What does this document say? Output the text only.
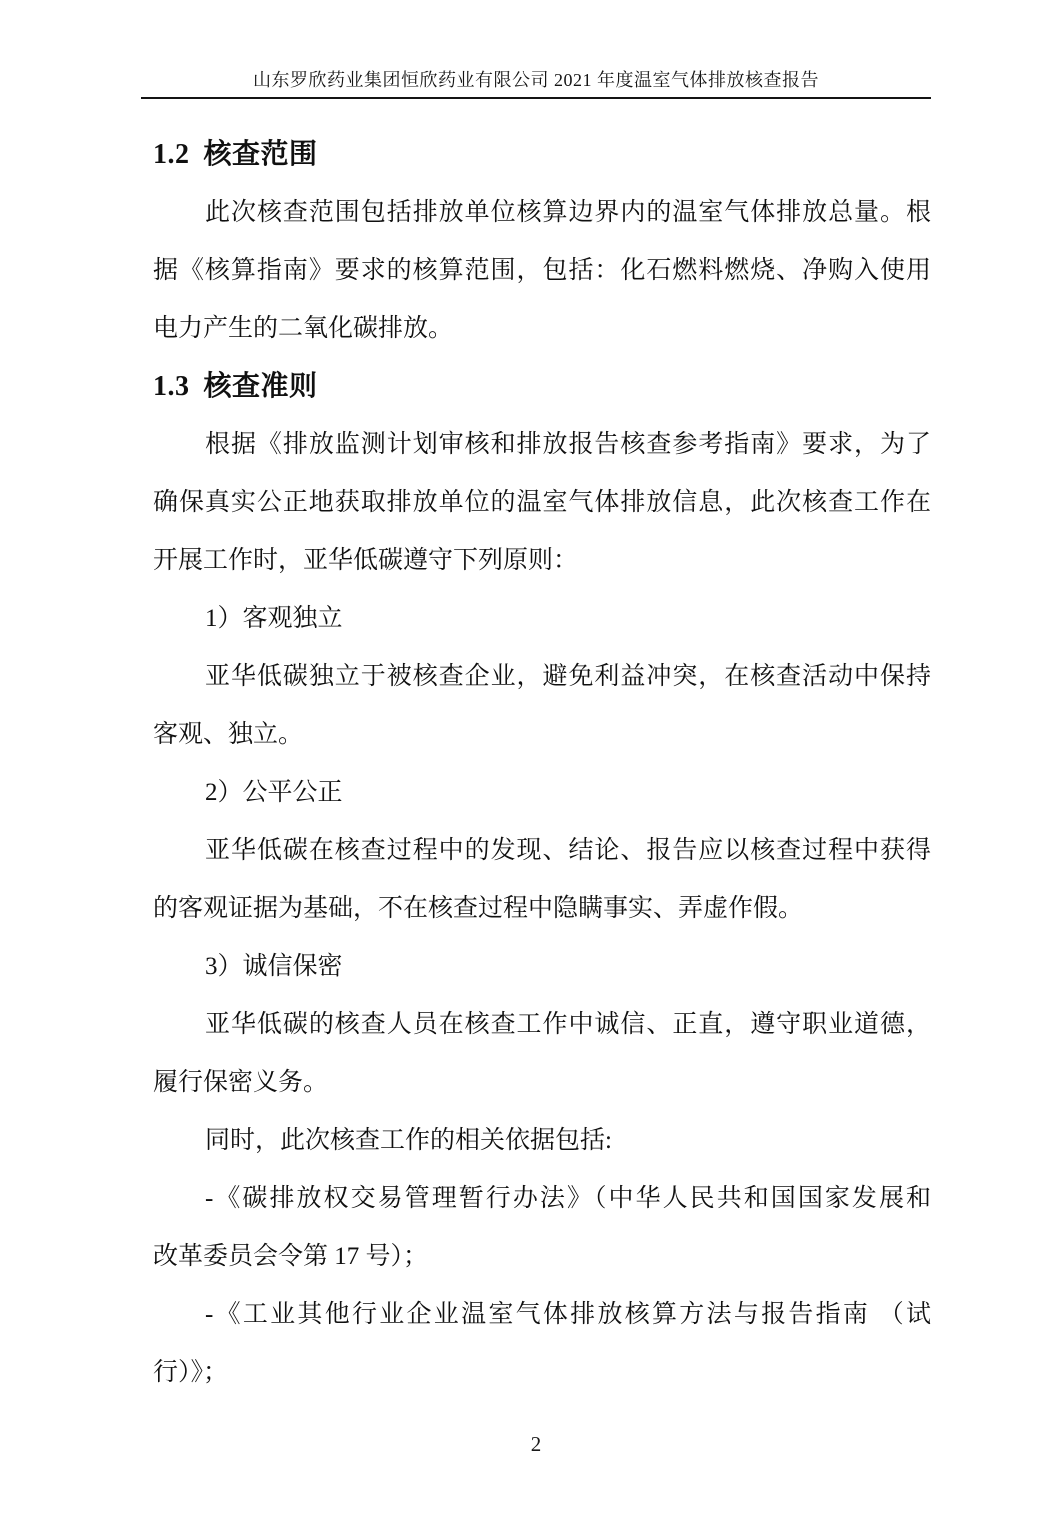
山东罗欣药业集团恒欣药业有限公司 2021 年度温室气体排放核查报告
1.2 核查范围
此次核查范围包括排放单位核算边界内的温室气体排放总量。根
据《核算指南》要求的核算范围，包括：化石燃料燃烧、净购入使用
电力产生的二氧化碳排放。
1.3 核查准则
根据《排放监测计划审核和排放报告核查参考指南》要求，为了
确保真实公正地获取排放单位的温室气体排放信息，此次核查工作在
开展工作时，亚华低碳遵守下列原则：
1）客观独立
亚华低碳独立于被核查企业，避免利益冲突，在核查活动中保持
客观、独立。
2）公平公正
亚华低碳在核查过程中的发现、结论、报告应以核查过程中获得
的客观证据为基础，不在核查过程中隐瞒事实、弄虚作假。
3）诚信保密
亚华低碳的核查人员在核查工作中诚信、正直，遵守职业道德，
履行保密义务。
同时，此次核查工作的相关依据包括:
-《碳排放权交易管理暂行办法》（中华人民共和国国家发展和
改革委员会令第 17 号）；
-《工业其他行业企业温室气体排放核算方法与报告指南 （试
行）》；
2
